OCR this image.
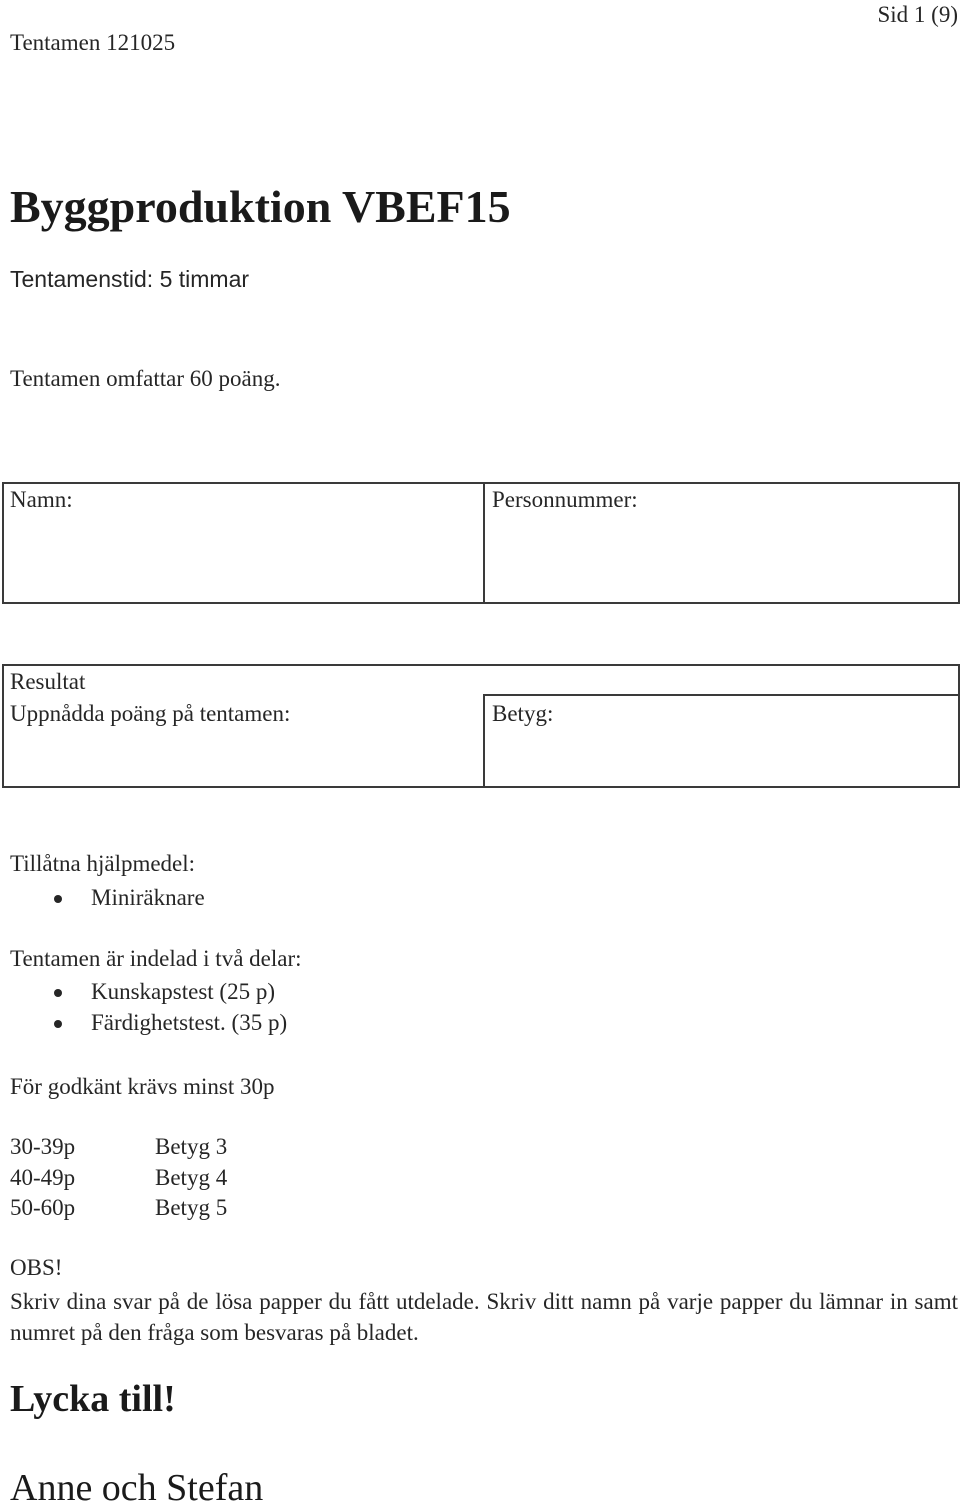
Sid 1 (9)
Tentamen 121025
Byggproduktion VBEF15
Tentamenstid: 5 timmar
Tentamen omfattar 60 poäng.
Namn:	Personnummer:
Resultat
Uppnådda poäng på tentamen:	Betyg:
Tillåtna hjälpmedel:
Miniräknare
Tentamen är indelad i två delar:
Kunskapstest (25 p)
Färdighetstest. (35 p)
För godkänt krävs minst 30p
30-39p	Betyg 3
40-49p	Betyg 4
50-60p	Betyg 5
OBS!
Skriv dina svar på de lösa papper du fått utdelade. Skriv ditt namn på varje papper du lämnar in samt numret på den fråga som besvaras på bladet.
Lycka till!
Anne och Stefan
